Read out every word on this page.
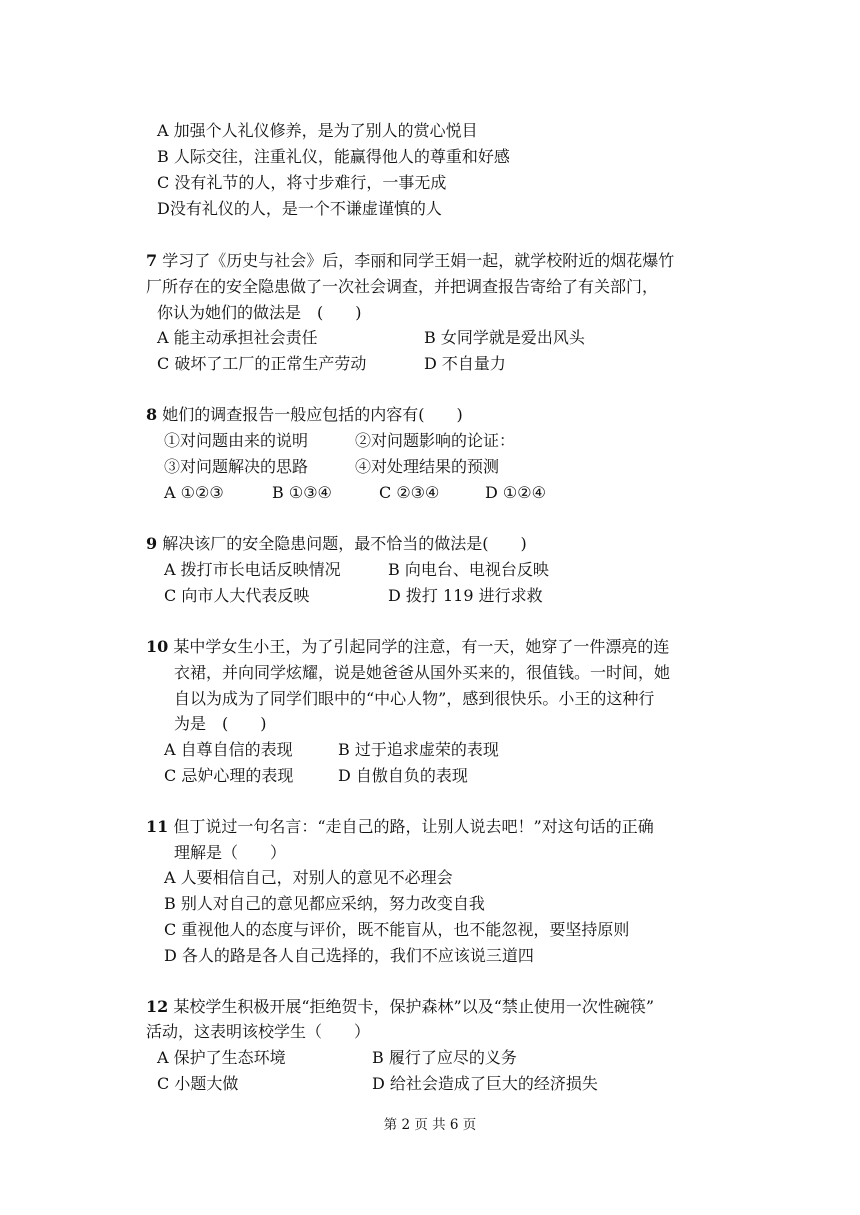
A 加强个人礼仪修养，是为了别人的赏心悦目
B 人际交往，注重礼仪，能赢得他人的尊重和好感
C 没有礼节的人，将寸步难行，一事无成
D没有礼仪的人，是一个不谦虚谨慎的人
7 学习了《历史与社会》后，李丽和同学王娟一起，就学校附近的烟花爆竹
厂所存在的安全隐患做了一次社会调查，并把调查报告寄给了有关部门，
你认为她们的做法是　(　　)
A 能主动承担社会责任	B 女同学就是爱出风头
C 破坏了工厂的正常生产劳动	D 不自量力
8 她们的调查报告一般应包括的内容有(　　)
①对问题由来的说明	②对问题影响的论证：
③对问题解决的思路	④对处理结果的预测
A ①②③	B ①③④	C ②③④	D ①②④
9 解决该厂的安全隐患问题，最不恰当的做法是(　　)
A 拨打市长电话反映情况	B 向电台、电视台反映
C 向市人大代表反映	D 拨打 119 进行求救
10 某中学女生小王，为了引起同学的注意，有一天，她穿了一件漂亮的连
衣裙，并向同学炫耀，说是她爸爸从国外买来的，很值钱。一时间，她
自以为成为了同学们眼中的“中心人物”，感到很快乐。小王的这种行
为是　(　　)
A 自尊自信的表现	B 过于追求虚荣的表现
C 忌妒心理的表现	D 自傲自负的表现
11 但丁说过一句名言：“走自己的路，让别人说去吧！”对这句话的正确
理解是（　　）
A 人要相信自己，对别人的意见不必理会
B 别人对自己的意见都应采纳，努力改变自我
C 重视他人的态度与评价，既不能盲从，也不能忽视，要坚持原则
D 各人的路是各人自己选择的，我们不应该说三道四
12 某校学生积极开展“拒绝贺卡，保护森林”以及“禁止使用一次性碗筷”
活动，这表明该校学生（　　）
A 保护了生态环境	B 履行了应尽的义务
C 小题大做	D 给社会造成了巨大的经济损失
第 2 页 共 6 页
